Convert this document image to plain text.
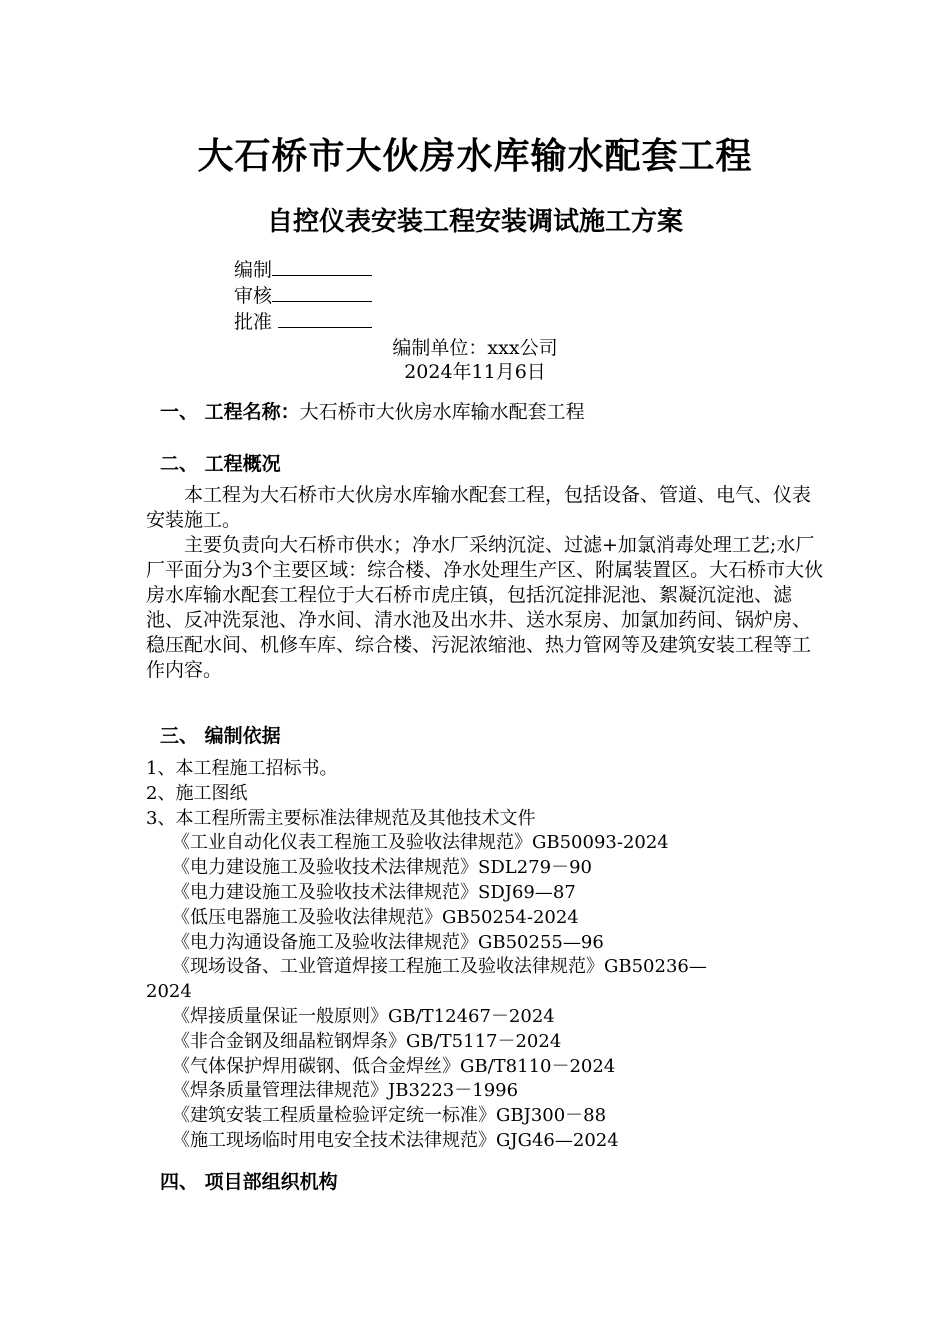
大石桥市大伙房水库输水配套工程
自控仪表安装工程安装调试施工方案
编制
审核
批准
编制单位：xxx公司
2024年11月6日
一、 工程名称：大石桥市大伙房水库输水配套工程
二、 工程概况
本工程为大石桥市大伙房水库输水配套工程，包括设备、管道、电气、仪表安装施工。
主要负责向大石桥市供水；净水厂采纳沉淀、过滤+加氯消毒处理工艺;水厂厂平面分为3个主要区域：综合楼、净水处理生产区、附属装置区。大石桥市大伙房水库输水配套工程位于大石桥市虎庄镇，包括沉淀排泥池、絮凝沉淀池、滤池、反冲洗泵池、净水间、清水池及出水井、送水泵房、加氯加药间、锅炉房、稳压配水间、机修车库、综合楼、污泥浓缩池、热力管网等及建筑安装工程等工作内容。
三、 编制依据
1、本工程施工招标书。
2、施工图纸
3、本工程所需主要标准法律规范及其他技术文件
《工业自动化仪表工程施工及验收法律规范》GB50093-2024
《电力建设施工及验收技术法律规范》SDL279－90
《电力建设施工及验收技术法律规范》SDJ69—87
《低压电器施工及验收法律规范》GB50254-2024
《电力沟通设备施工及验收法律规范》GB50255—96
《现场设备、工业管道焊接工程施工及验收法律规范》GB50236—
2024
《焊接质量保证一般原则》GB/T12467－2024
《非合金钢及细晶粒钢焊条》GB/T5117－2024
《气体保护焊用碳钢、低合金焊丝》GB/T8110－2024
《焊条质量管理法律规范》JB3223－1996
《建筑安装工程质量检验评定统一标准》GBJ300－88
《施工现场临时用电安全技术法律规范》GJG46—2024
四、 项目部组织机构
